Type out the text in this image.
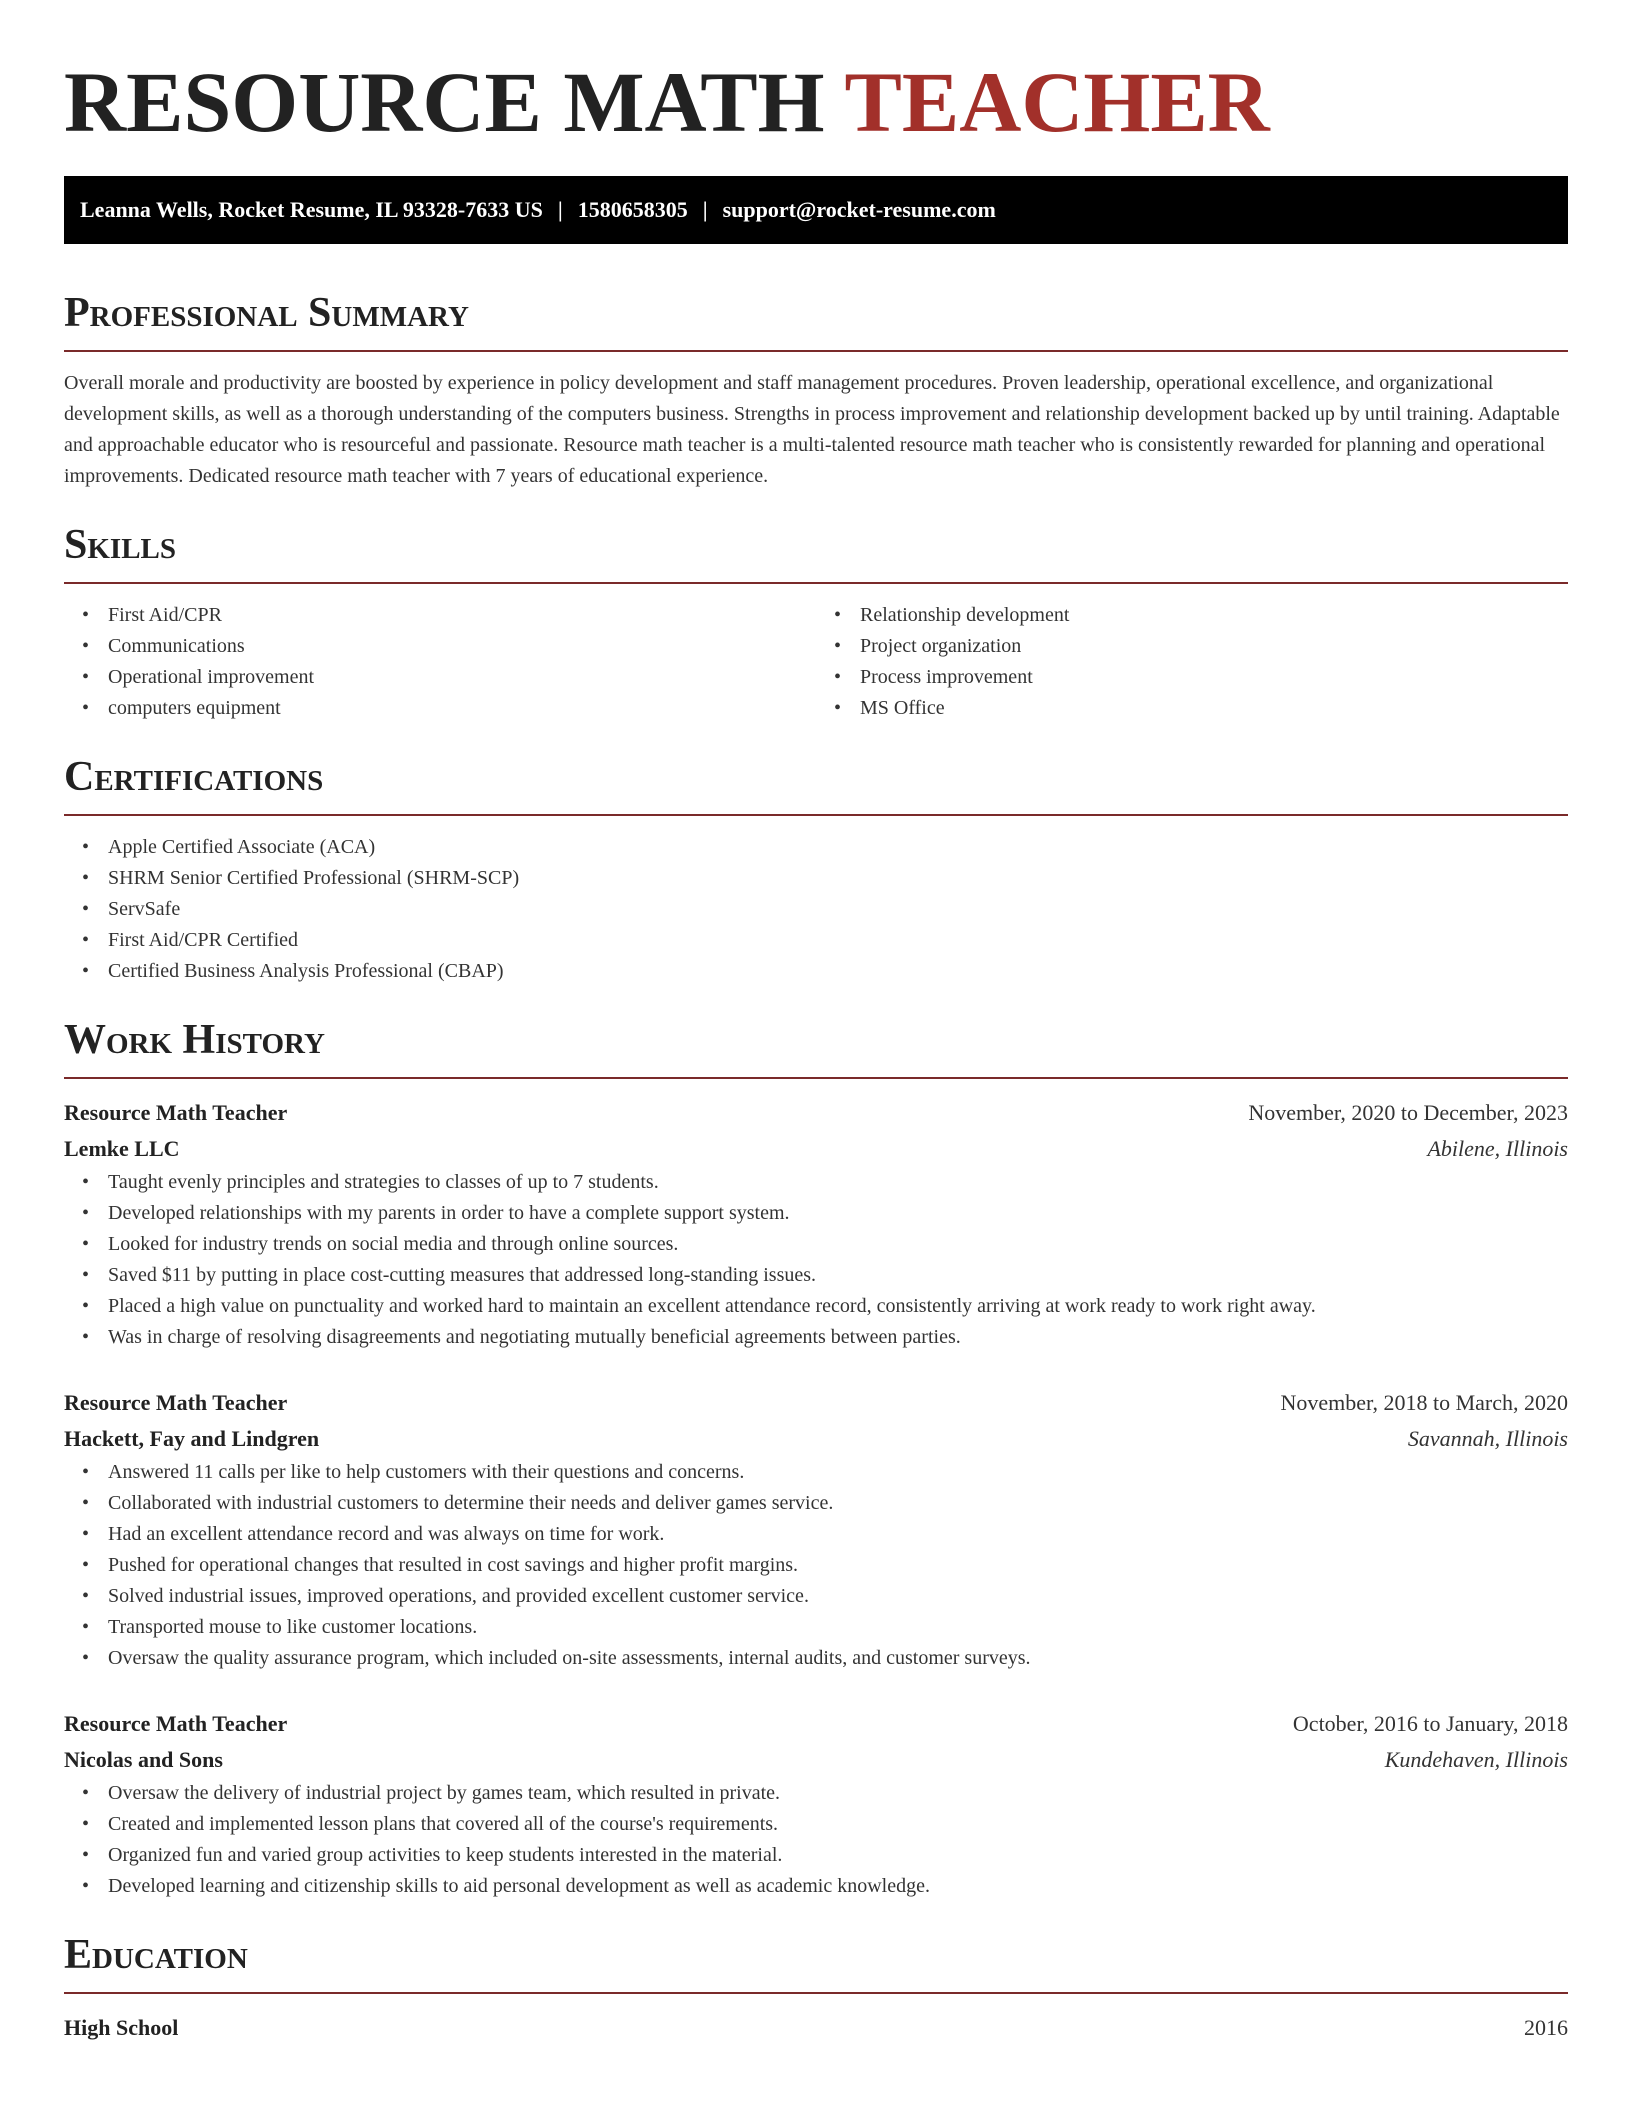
RESOURCE MATH TEACHER
Leanna Wells, Rocket Resume, IL 93328-7633 US | 1580658305 | support@rocket-resume.com
Professional Summary

Overall morale and productivity are boosted by experience in policy development and staff management procedures. Proven leadership, operational excellence, and organizational development skills, as well as a thorough understanding of the computers business. Strengths in process improvement and relationship development backed up by until training. Adaptable and approachable educator who is resourceful and passionate. Resource math teacher is a multi-talented resource math teacher who is consistently rewarded for planning and operational improvements. Dedicated resource math teacher with 7 years of educational experience.

Skills
• First Aid/CPR
• Communications
• Operational improvement
• computers equipment
• Relationship development
• Project organization
• Process improvement
• MS Office
Certifications
• Apple Certified Associate (ACA)
• SHRM Senior Certified Professional (SHRM-SCP)
• ServSafe
• First Aid/CPR Certified
• Certified Business Analysis Professional (CBAP)
Work History
Resource Math Teacher	November, 2020 to December, 2023
Lemke LLC	Abilene, Illinois
• Taught evenly principles and strategies to classes of up to 7 students.
• Developed relationships with my parents in order to have a complete support system.
• Looked for industry trends on social media and through online sources.
• Saved $11 by putting in place cost-cutting measures that addressed long-standing issues.
• Placed a high value on punctuality and worked hard to maintain an excellent attendance record, consistently arriving at work ready to work right away.
• Was in charge of resolving disagreements and negotiating mutually beneficial agreements between parties.
Resource Math Teacher	November, 2018 to March, 2020
Hackett, Fay and Lindgren	Savannah, Illinois
• Answered 11 calls per like to help customers with their questions and concerns.
• Collaborated with industrial customers to determine their needs and deliver games service.
• Had an excellent attendance record and was always on time for work.
• Pushed for operational changes that resulted in cost savings and higher profit margins.
• Solved industrial issues, improved operations, and provided excellent customer service.
• Transported mouse to like customer locations.
• Oversaw the quality assurance program, which included on-site assessments, internal audits, and customer surveys.
Resource Math Teacher	October, 2016 to January, 2018
Nicolas and Sons	Kundehaven, Illinois
• Oversaw the delivery of industrial project by games team, which resulted in private.
• Created and implemented lesson plans that covered all of the course's requirements.
• Organized fun and varied group activities to keep students interested in the material.
• Developed learning and citizenship skills to aid personal development as well as academic knowledge.
Education
High School	2016
